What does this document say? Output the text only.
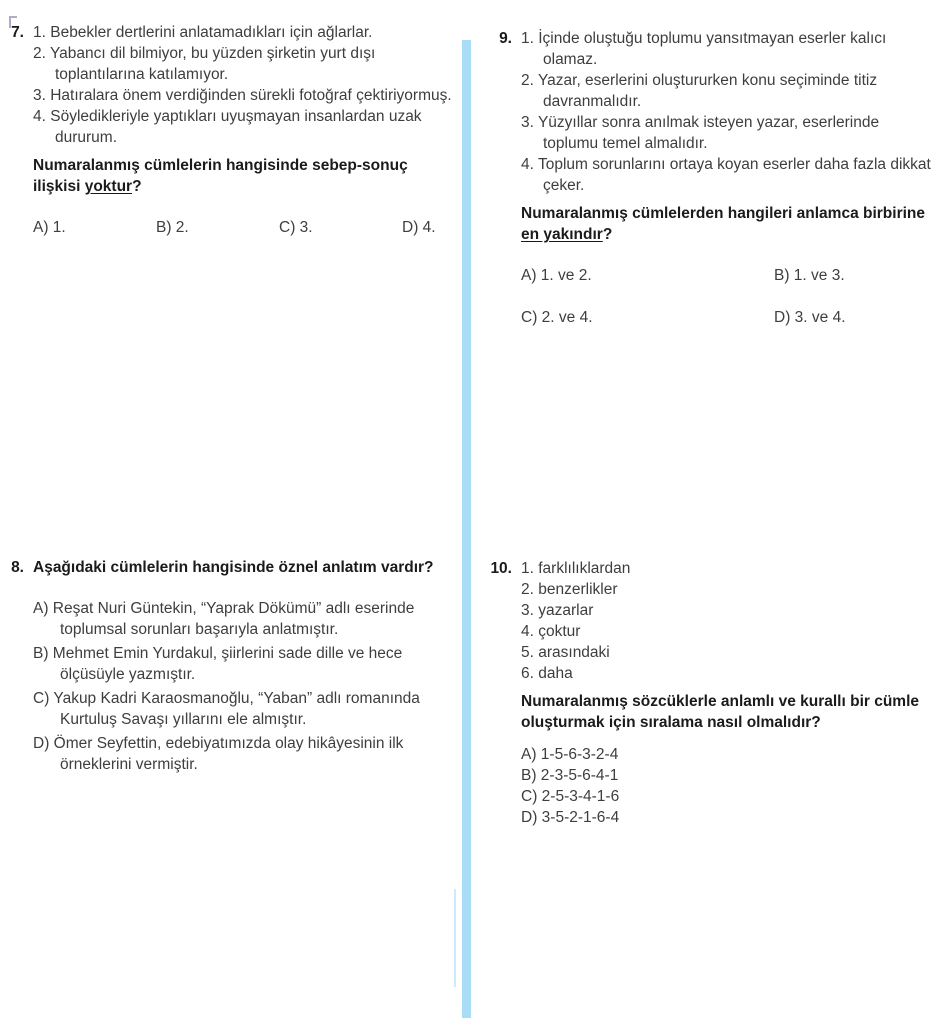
7. 1. Bebekler dertlerini anlatamadıkları için ağlarlar.
2. Yabancı dil bilmiyor, bu yüzden şirketin yurt dışı toplantılarına katılamıyor.
3. Hatıralara önem verdiğinden sürekli fotoğraf çektiriyormuş.
4. Söyledikleriyle yaptıkları uyuşmayan insanlardan uzak dururum.

Numaralanmış cümlelerin hangisinde sebep-sonuç ilişkisi yoktur?

A) 1.	B) 2.	C) 3.	D) 4.
8. Aşağıdaki cümlelerin hangisinde öznel anlatım vardır?

A) Reşat Nuri Güntekin, “Yaprak Dökümü” adlı eserinde toplumsal sorunları başarıyla anlatmıştır.
B) Mehmet Emin Yurdakul, şiirlerini sade dille ve hece ölçüsüyle yazmıştır.
C) Yakup Kadri Karaosmanoğlu, “Yaban” adlı romanında Kurtuluş Savaşı yıllarını ele almıştır.
D) Ömer Seyfettin, edebiyatımızda olay hikâyesinin ilk örneklerini vermiştir.
9. 1. İçinde oluştuğu toplumu yansıtmayan eserler kalıcı olamaz.
2. Yazar, eserlerini oluştururken konu seçiminde titiz davranmalıdır.
3. Yüzyıllar sonra anılmak isteyen yazar, eserlerinde toplumu temel almalıdır.
4. Toplum sorunlarını ortaya koyan eserler daha fazla dikkat çeker.

Numaralanmış cümlelerden hangileri anlamca birbirine en yakındır?

A) 1. ve 2.	B) 1. ve 3.
C) 2. ve 4.	D) 3. ve 4.
10. 1. farklılıklardan
2. benzerlikler
3. yazarlar
4. çoktur
5. arasındaki
6. daha

Numaralanmış sözcüklerle anlamlı ve kurallı bir cümle oluşturmak için sıralama nasıl olmalıdır?

A) 1-5-6-3-2-4
B) 2-3-5-6-4-1
C) 2-5-3-4-1-6
D) 3-5-2-1-6-4
